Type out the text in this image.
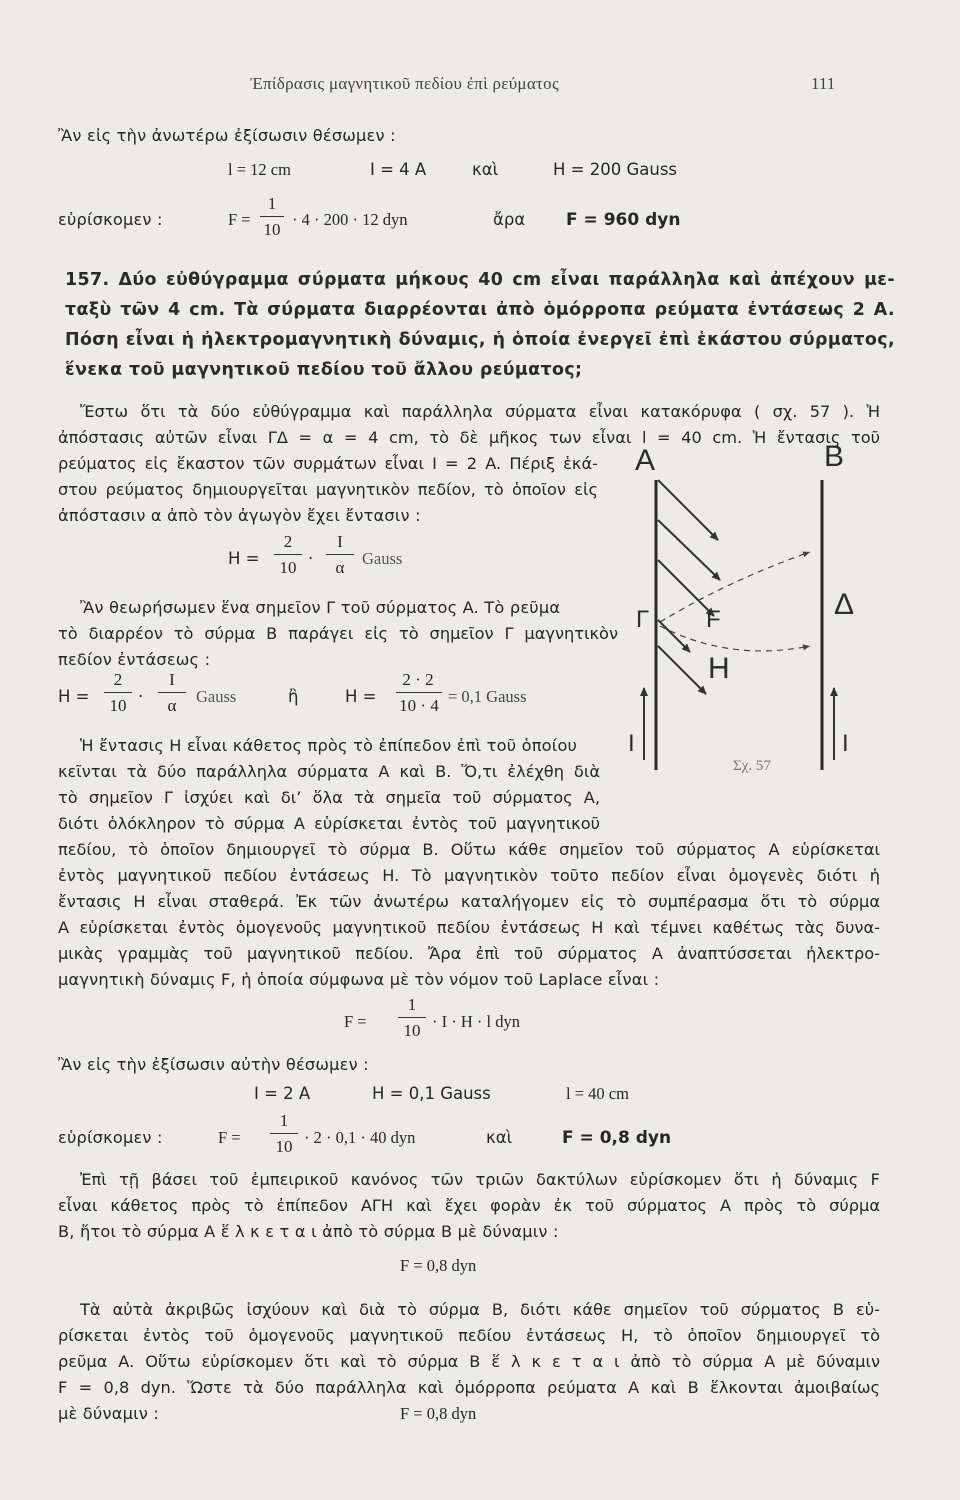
Ἐπίδρασις μαγνητικοῦ πεδίου ἐπὶ ρεύματος	111
Ἂν εἰς τὴν ἀνωτέρω ἐξίσωσιν θέσωμεν :
l = 12 cm	I = 4 A	καὶ	H = 200 Gauss
εὑρίσκομεν :	F =
1
10
· 4 · 200 · 12 dyn	ἄρα F = 960 dyn
157. Δύο εὐθύγραμμα σύρματα μήκους 40 cm εἶναι παράλληλα καὶ ἀπέχουν με-
ταξὺ τῶν 4 cm. Τὰ σύρματα διαρρέονται ἀπὸ ὁμόρροπα ρεύματα ἐντάσεως 2 A.
Πόση εἶναι ἡ ἠλεκτρομαγνητικὴ δύναμις, ἡ ὁποία ἐνεργεῖ ἐπὶ ἑκάστου σύρματος,
ἕνεκα τοῦ μαγνητικοῦ πεδίου τοῦ ἄλλου ρεύματος;
Ἔστω ὅτι τὰ δύο εὐθύγραμμα καὶ παράλληλα σύρματα εἶναι κατακόρυφα ( σχ. 57 ). Ἡ
ἀπόστασις αὐτῶν εἶναι ΓΔ = α = 4 cm, τὸ δὲ μῆκος των εἶναι l = 40 cm. Ἡ ἔντασις τοῦ
ρεύματος εἰς ἕκαστον τῶν συρμάτων εἶναι I = 2 A. Πέριξ ἑκά-
στου ρεύματος δημιουργεῖται μαγνητικὸν πεδίον, τὸ ὁποῖον εἰς
ἀπόστασιν α ἀπὸ τὸν ἀγωγὸν ἔχει ἔντασιν :
H =
2
10 ·
I
α	Gauss
Ἂν θεωρήσωμεν ἕνα σημεῖον Γ τοῦ σύρματος A. Τὸ ρεῦμα
τὸ διαρρέον τὸ σύρμα B παράγει εἰς τὸ σημεῖον Γ μαγνητικὸν
πεδίον ἐντάσεως :
H =
2
10 ·
I
α	Gauss	ἢ	H =
2 · 2
10 · 4 = 0,1 Gauss
Ἡ ἔντασις H εἶναι κάθετος πρὸς τὸ ἐπίπεδον ἐπὶ τοῦ ὁποίου
κεῖνται τὰ δύο παράλληλα σύρματα A καὶ B. Ὅ,τι ἐλέχθη διὰ
τὸ σημεῖον Γ ἰσχύει καὶ δι’ ὅλα τὰ σημεῖα τοῦ σύρματος A,
διότι ὁλόκληρον τὸ σύρμα A εὑρίσκεται ἐντὸς τοῦ μαγνητικοῦ
πεδίου, τὸ ὁποῖον δημιουργεῖ τὸ σύρμα B. Οὕτω κάθε σημεῖον τοῦ σύρματος A εὑρίσκεται
ἐντὸς μαγνητικοῦ πεδίου ἐντάσεως H. Τὸ μαγνητικὸν τοῦτο πεδίον εἶναι ὁμογενὲς διότι ἡ
ἔντασις H εἶναι σταθερά. Ἐκ τῶν ἀνωτέρω καταλήγομεν εἰς τὸ συμπέρασμα ὅτι τὸ σύρμα
A εὑρίσκεται ἐντὸς ὁμογενοῦς μαγνητικοῦ πεδίου ἐντάσεως H καὶ τέμνει καθέτως τὰς δυνα-
μικὰς γραμμὰς τοῦ μαγνητικοῦ πεδίου. Ἄρα ἐπὶ τοῦ σύρματος A ἀναπτύσσεται ἠλεκτρο-
μαγνητικὴ δύναμις F, ἡ ὁποία σύμφωνα μὲ τὸν νόμον τοῦ Laplace εἶναι :
F =
1
10 · I · H · l dyn
Ἂν εἰς τὴν ἐξίσωσιν αὐτὴν θέσωμεν :
I = 2 A	H = 0,1 Gauss	l = 40 cm
εὑρίσκομεν :	F =
1
10 · 2 · 0,1 · 40 dyn	καὶ	F = 0,8 dyn
Ἐπὶ τῇ βάσει τοῦ ἐμπειρικοῦ κανόνος τῶν τριῶν δακτύλων εὑρίσκομεν ὅτι ἡ δύναμις F
εἶναι κάθετος πρὸς τὸ ἐπίπεδον AΓH καὶ ἔχει φορὰν ἐκ τοῦ σύρματος A πρὸς τὸ σύρμα
B, ἤτοι τὸ σύρμα A ἕ λ κ ε τ α ι ἀπὸ τὸ σύρμα B μὲ δύναμιν :
F = 0,8 dyn
Τὰ αὐτὰ ἀκριβῶς ἰσχύουν καὶ διὰ τὸ σύρμα B, διότι κάθε σημεῖον τοῦ σύρματος B εὑ-
ρίσκεται ἐντὸς τοῦ ὁμογενοῦς μαγνητικοῦ πεδίου ἐντάσεως H, τὸ ὁποῖον δημιουργεῖ τὸ
ρεῦμα A. Οὕτω εὑρίσκομεν ὅτι καὶ τὸ σύρμα B ἕ λ κ ε τ α ι ἀπὸ τὸ σύρμα A μὲ δύναμιν
F = 0,8 dyn. Ὥστε τὰ δύο παράλληλα καὶ ὁμόρροπα ρεύματα A καὶ B ἕλκονται ἀμοιβαίως
μὲ δύναμιν :	F = 0,8 dyn
A	B
Γ	Δ
F
H
I	I
Σχ. 57
